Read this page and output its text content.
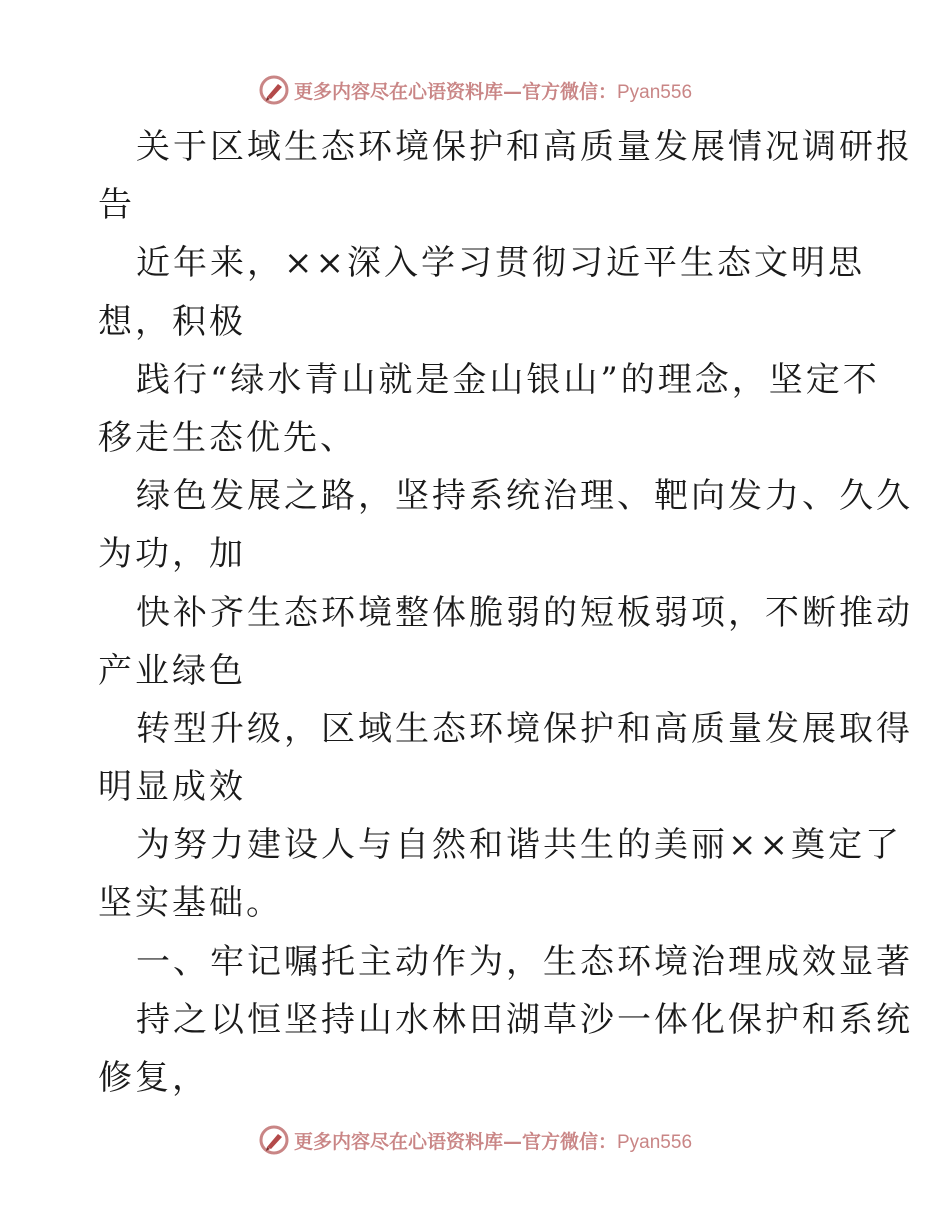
更多内容尽在心语资料库—官方微信：Pyan556
关于区域生态环境保护和高质量发展情况调研报
告
近年来，××深入学习贯彻习近平生态文明思
想，积极
践行“绿水青山就是金山银山”的理念，坚定不
移走生态优先、
绿色发展之路，坚持系统治理、靶向发力、久久
为功，加
快补齐生态环境整体脆弱的短板弱项，不断推动
产业绿色
转型升级，区域生态环境保护和高质量发展取得
明显成效
为努力建设人与自然和谐共生的美丽××奠定了
坚实基础。
一、牢记嘱托主动作为，生态环境治理成效显著
持之以恒坚持山水林田湖草沙一体化保护和系统
修复，
更多内容尽在心语资料库—官方微信：Pyan556
